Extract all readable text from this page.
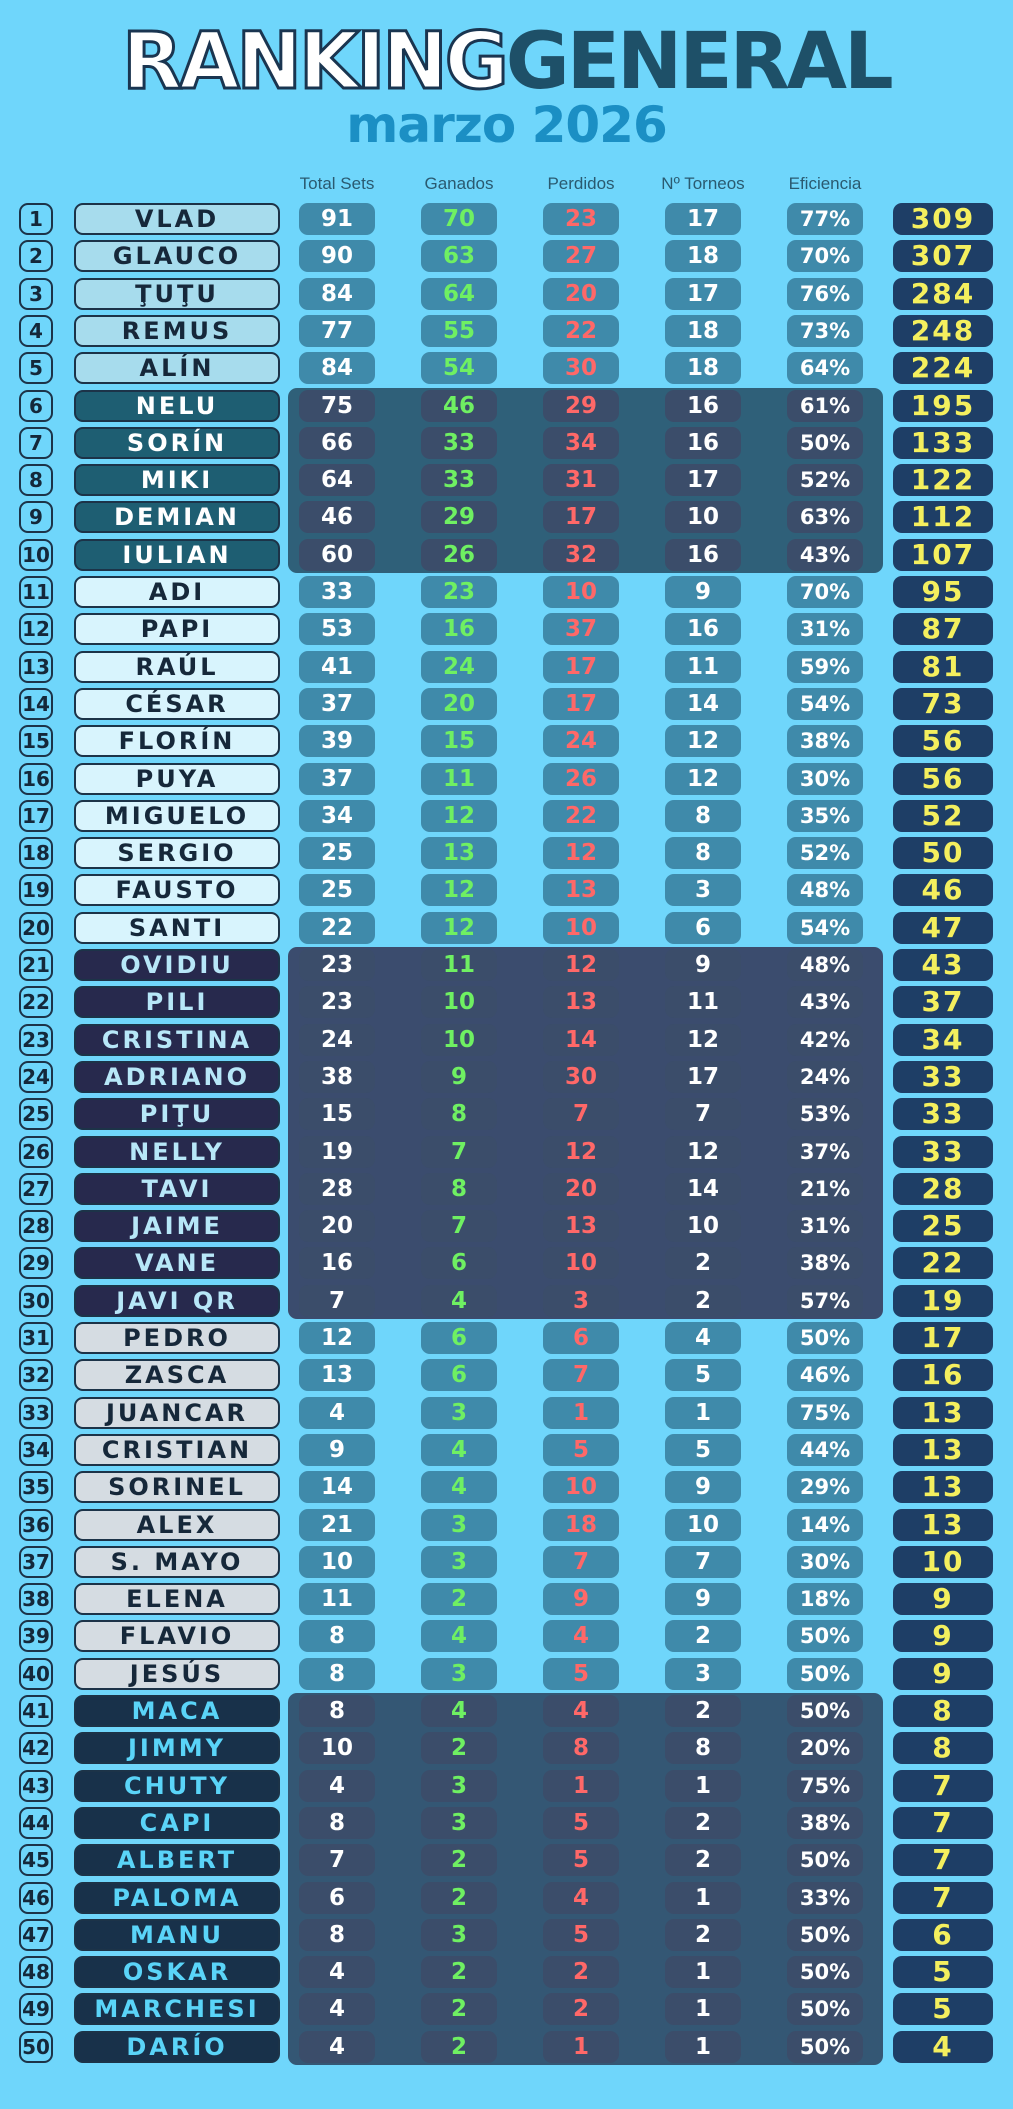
RANKINGGENERAL
marzo 2026
Total Sets	Ganados	Perdidos	Nº Torneos	Eficiencia
1	VLAD	91	70	23	17	77%	309
2	GLAUCO	90	63	27	18	70%	307
3	ŢUŢU	84	64	20	17	76%	284
4	REMUS	77	55	22	18	73%	248
5	ALÍN	84	54	30	18	64%	224
6	NELU	75	46	29	16	61%	195
7	SORÍN	66	33	34	16	50%	133
8	MIKI	64	33	31	17	52%	122
9	DEMIAN	46	29	17	10	63%	112
10	IULIAN	60	26	32	16	43%	107
11	ADI	33	23	10	9	70%	95
12	PAPI	53	16	37	16	31%	87
13	RAÚL	41	24	17	11	59%	81
14	CÉSAR	37	20	17	14	54%	73
15	FLORÍN	39	15	24	12	38%	56
16	PUYA	37	11	26	12	30%	56
17	MIGUELO	34	12	22	8	35%	52
18	SERGIO	25	13	12	8	52%	50
19	FAUSTO	25	12	13	3	48%	46
20	SANTI	22	12	10	6	54%	47
21	OVIDIU	23	11	12	9	48%	43
22	PILI	23	10	13	11	43%	37
23	CRISTINA	24	10	14	12	42%	34
24	ADRIANO	38	9	30	17	24%	33
25	PIŢU	15	8	7	7	53%	33
26	NELLY	19	7	12	12	37%	33
27	TAVI	28	8	20	14	21%	28
28	JAIME	20	7	13	10	31%	25
29	VANE	16	6	10	2	38%	22
30	JAVI QR	7	4	3	2	57%	19
31	PEDRO	12	6	6	4	50%	17
32	ZASCA	13	6	7	5	46%	16
33	JUANCAR	4	3	1	1	75%	13
34	CRISTIAN	9	4	5	5	44%	13
35	SORINEL	14	4	10	9	29%	13
36	ALEX	21	3	18	10	14%	13
37	S. MAYO	10	3	7	7	30%	10
38	ELENA	11	2	9	9	18%	9
39	FLAVIO	8	4	4	2	50%	9
40	JESÚS	8	3	5	3	50%	9
41	MACA	8	4	4	2	50%	8
42	JIMMY	10	2	8	8	20%	8
43	CHUTY	4	3	1	1	75%	7
44	CAPI	8	3	5	2	38%	7
45	ALBERT	7	2	5	2	50%	7
46	PALOMA	6	2	4	1	33%	7
47	MANU	8	3	5	2	50%	6
48	OSKAR	4	2	2	1	50%	5
49	MARCHESI	4	2	2	1	50%	5
50	DARÍO	4	2	1	1	50%	4
